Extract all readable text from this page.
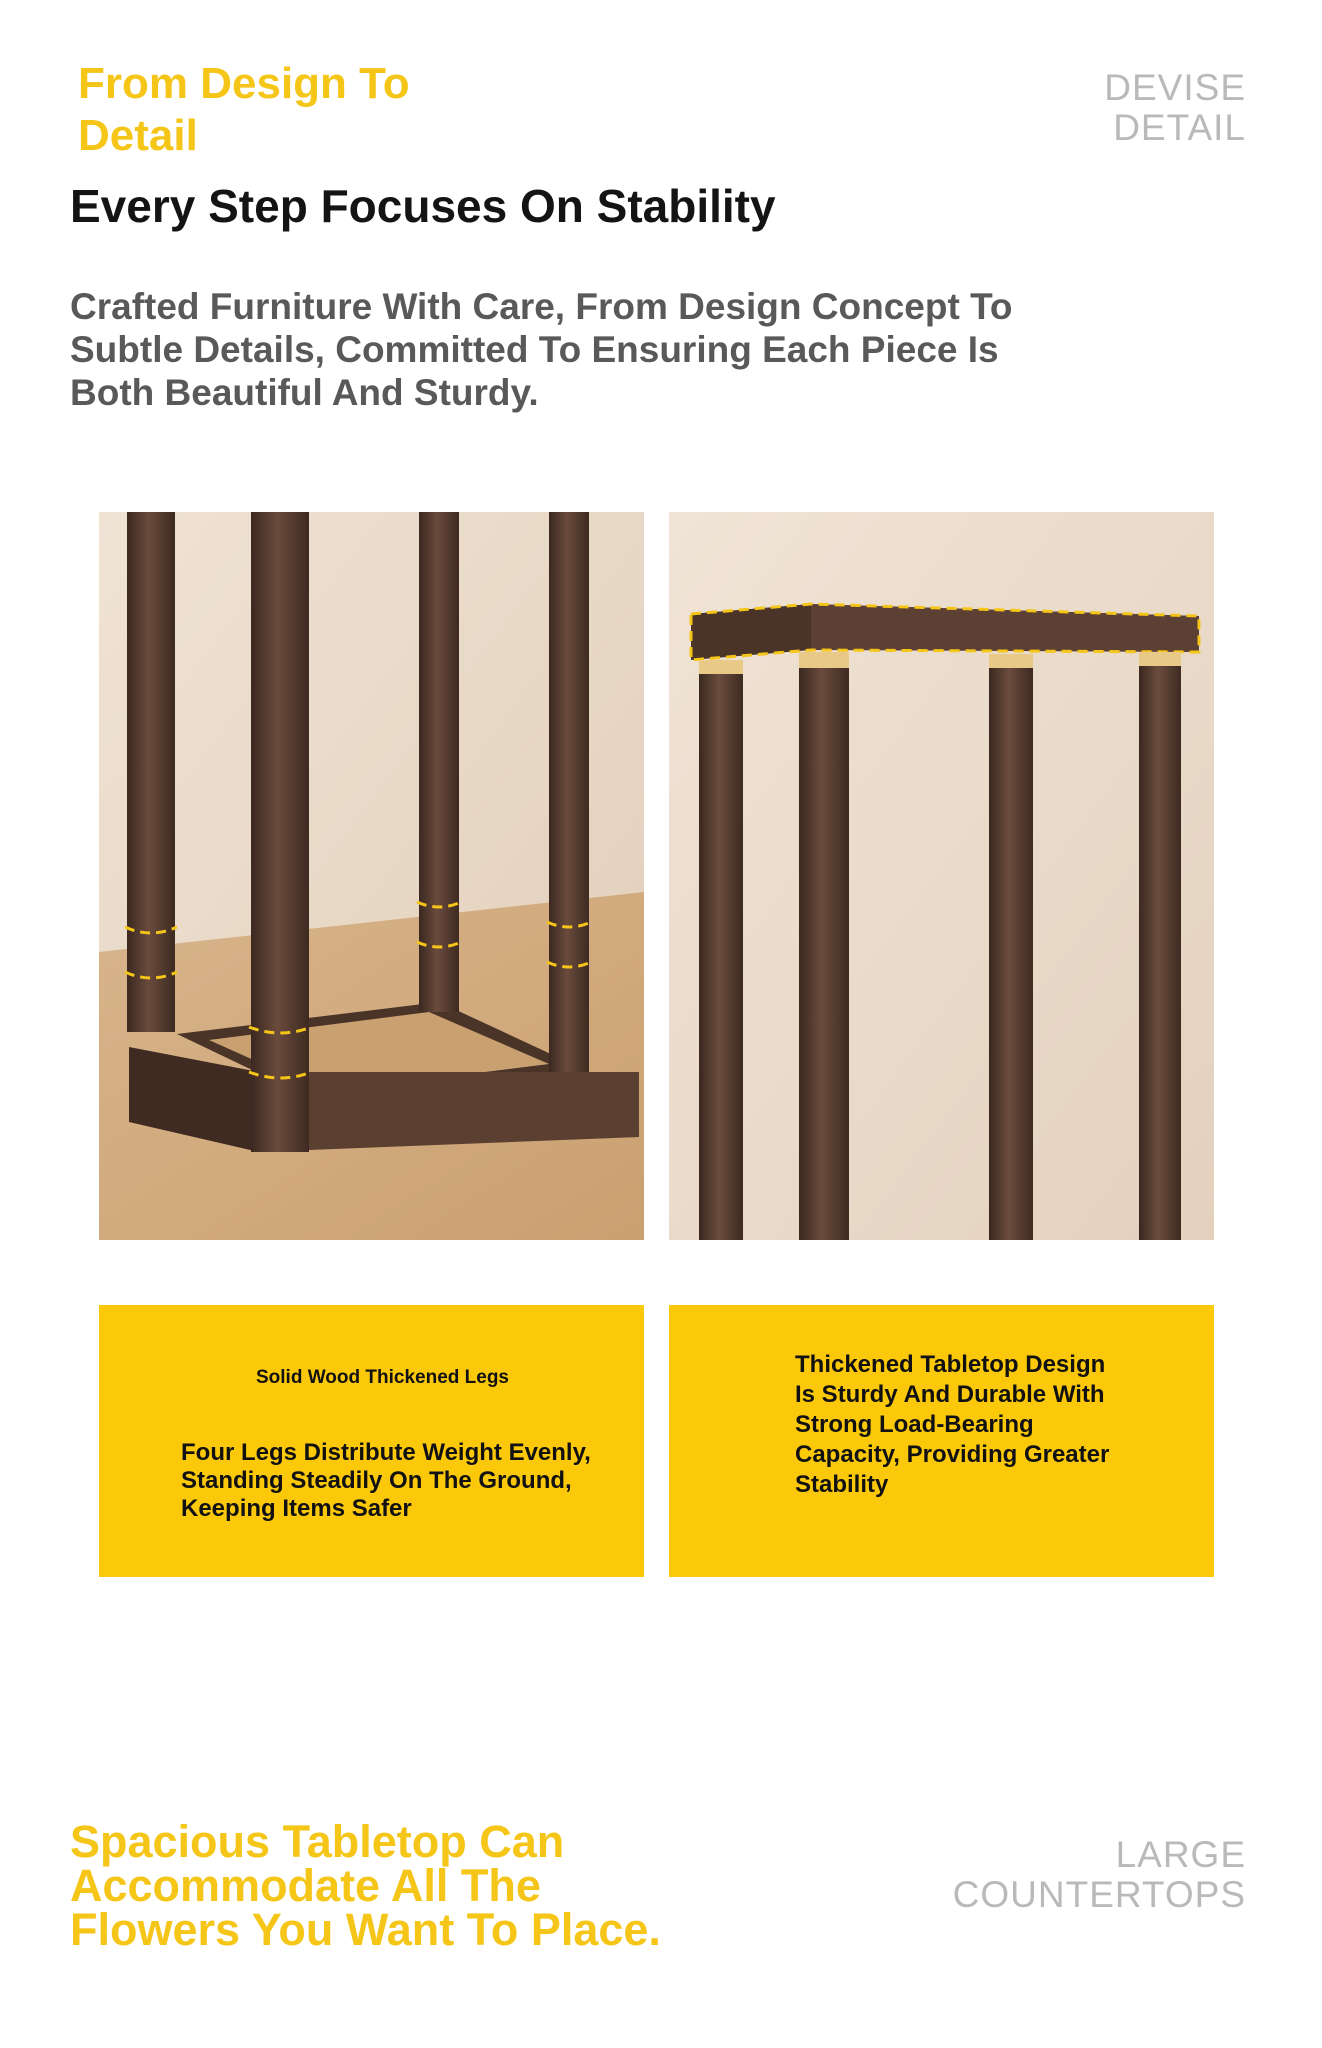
From Design To Detail
DEVISE
DETAIL
Every Step Focuses On Stability
Crafted Furniture With Care, From Design Concept To Subtle Details, Committed To Ensuring Each Piece Is Both Beautiful And Sturdy.
Solid Wood Thickened Legs
Four Legs Distribute Weight Evenly, Standing Steadily On The Ground, Keeping Items Safer
Thickened Tabletop Design Is Sturdy And Durable With Strong Load-Bearing Capacity, Providing Greater Stability
Spacious Tabletop Can Accommodate All The Flowers You Want To Place.
LARGE
COUNTERTOPS
